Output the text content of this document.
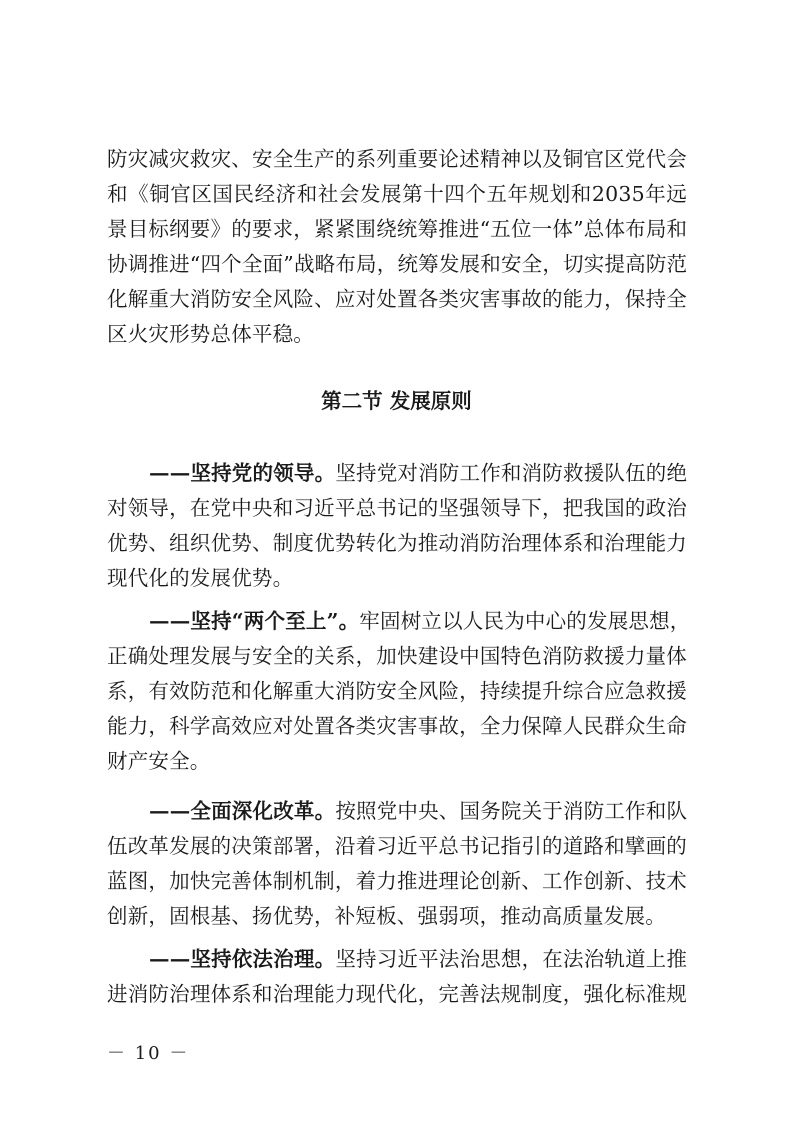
防灾减灾救灾、安全生产的系列重要论述精神以及铜官区党代会
和《铜官区国民经济和社会发展第十四个五年规划和2035年远
景目标纲要》的要求，紧紧围绕统筹推进“五位一体”总体布局和
协调推进“四个全面”战略布局，统筹发展和安全，切实提高防范
化解重大消防安全风险、应对处置各类灾害事故的能力，保持全
区火灾形势总体平稳。
第二节 发展原则
——坚持党的领导。坚持党对消防工作和消防救援队伍的绝
对领导，在党中央和习近平总书记的坚强领导下，把我国的政治
优势、组织优势、制度优势转化为推动消防治理体系和治理能力
现代化的发展优势。
——坚持“两个至上”。牢固树立以人民为中心的发展思想，
正确处理发展与安全的关系，加快建设中国特色消防救援力量体
系，有效防范和化解重大消防安全风险，持续提升综合应急救援
能力，科学高效应对处置各类灾害事故，全力保障人民群众生命
财产安全。
——全面深化改革。按照党中央、国务院关于消防工作和队
伍改革发展的决策部署，沿着习近平总书记指引的道路和擘画的
蓝图，加快完善体制机制，着力推进理论创新、工作创新、技术
创新，固根基、扬优势，补短板、强弱项，推动高质量发展。
——坚持依法治理。坚持习近平法治思想，在法治轨道上推
进消防治理体系和治理能力现代化，完善法规制度，强化标准规
－ 10 －
